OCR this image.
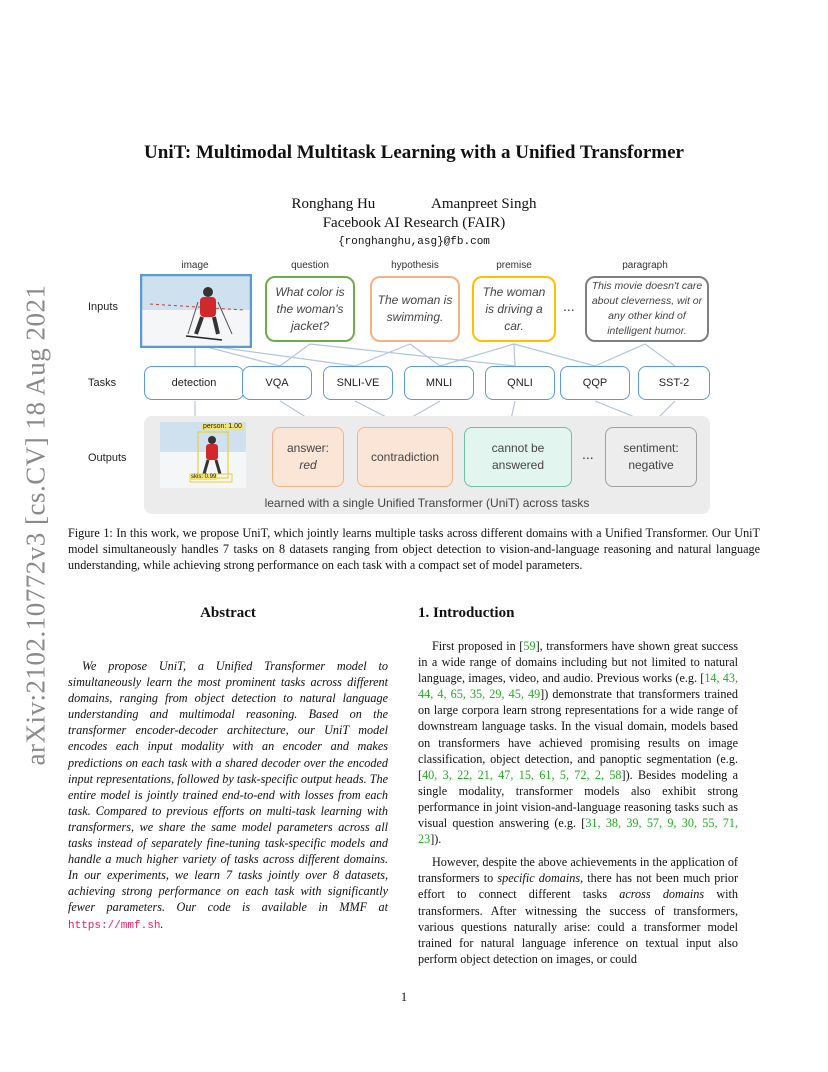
arXiv:2102.10772v3 [cs.CV] 18 Aug 2021
UniT: Multimodal Multitask Learning with a Unified Transformer
Ronghang Hu	Amanpreet Singh
Facebook AI Research (FAIR)
{ronghanghu,asg}@fb.com
image	question	hypothesis	premise	paragraph
Inputs
Tasks
Outputs
What color is the woman's jacket?
The woman is swimming.
The woman is driving a car.
...
This movie doesn't care about cleverness, wit or any other kind of intelligent humor.
detection	VQA	SNLI-VE	MNLI	QNLI	QQP	SST-2
person: 1.00
skis: 0.99
answer:
red
contradiction
cannot be answered
... sentiment:
negative
learned with a single Unified Transformer (UniT) across tasks
Figure 1: In this work, we propose UniT, which jointly learns multiple tasks across different domains with a Unified Transformer. Our UniT model simultaneously handles 7 tasks on 8 datasets ranging from object detection to vision-and-language reasoning and natural language understanding, while achieving strong performance on each task with a compact set of model parameters.
Abstract
We propose UniT, a Unified Transformer model to simultaneously learn the most prominent tasks across different domains, ranging from object detection to natural language understanding and multimodal reasoning. Based on the transformer encoder-decoder architecture, our UniT model encodes each input modality with an encoder and makes predictions on each task with a shared decoder over the encoded input representations, followed by task-specific output heads. The entire model is jointly trained end-to-end with losses from each task. Compared to previous efforts on multi-task learning with transformers, we share the same model parameters across all tasks instead of separately fine-tuning task-specific models and handle a much higher variety of tasks across different domains. In our experiments, we learn 7 tasks jointly over 8 datasets, achieving strong performance on each task with significantly fewer parameters. Our code is available in MMF at https://mmf.sh.
1. Introduction

First proposed in [59], transformers have shown great success in a wide range of domains including but not limited to natural language, images, video, and audio. Previous works (e.g. [14, 43, 44, 4, 65, 35, 29, 45, 49]) demonstrate that transformers trained on large corpora learn strong representations for a wide range of downstream language tasks. In the visual domain, models based on transformers have achieved promising results on image classification, object detection, and panoptic segmentation (e.g. [40, 3, 22, 21, 47, 15, 61, 5, 72, 2, 58]). Besides modeling a single modality, transformer models also exhibit strong performance in joint vision-and-language reasoning tasks such as visual question answering (e.g. [31, 38, 39, 57, 9, 30, 55, 71, 23]).

However, despite the above achievements in the application of transformers to specific domains, there has not been much prior effort to connect different tasks across domains with transformers. After witnessing the success of transformers, various questions naturally arise: could a transformer model trained for natural language inference on textual input also perform object detection on images, or could

1
